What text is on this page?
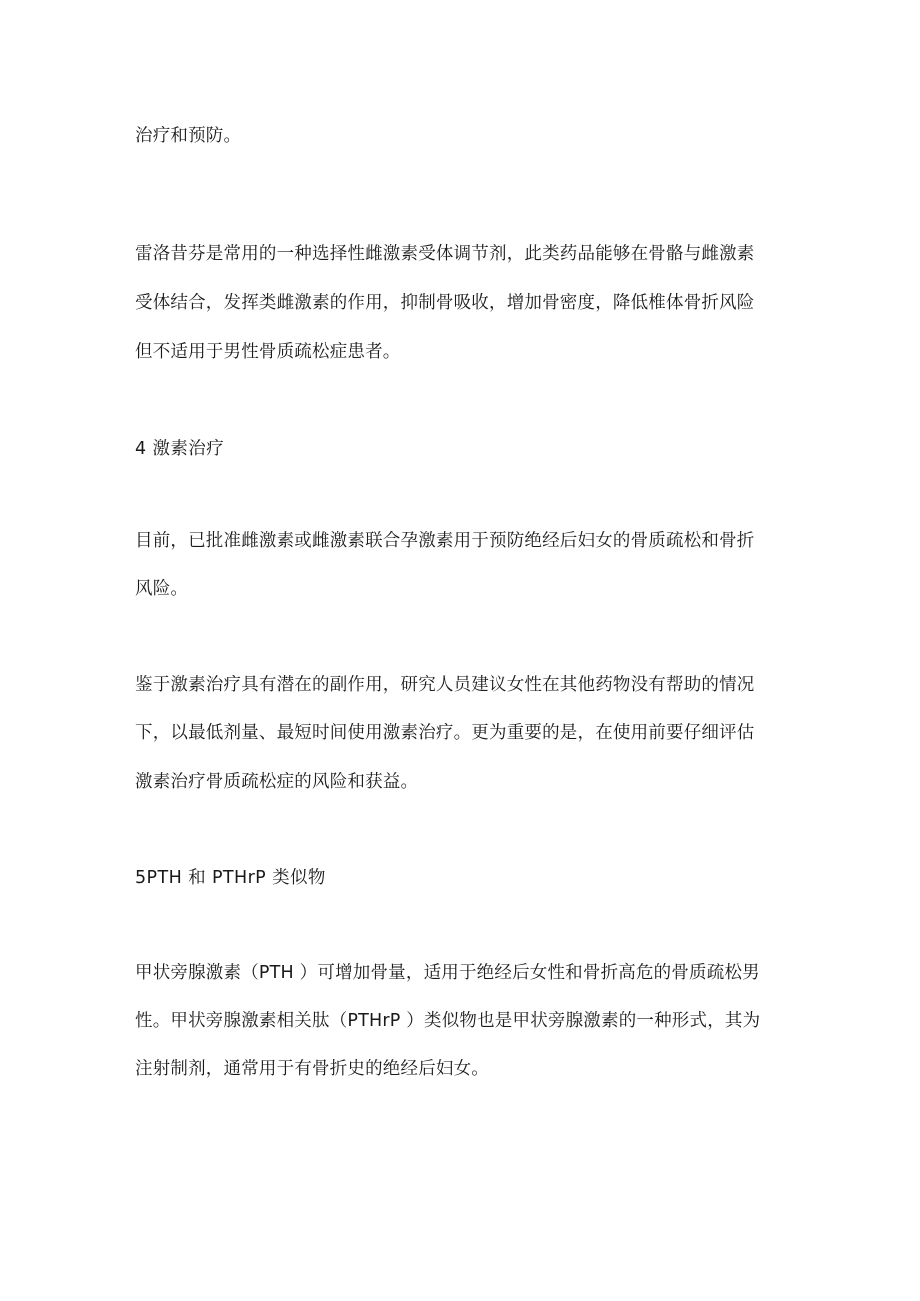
治疗和预防。
雷洛昔芬是常用的一种选择性雌激素受体调节剂，此类药品能够在骨骼与雌激素
受体结合，发挥类雌激素的作用，抑制骨吸收，增加骨密度，降低椎体骨折风险
但不适用于男性骨质疏松症患者。
4 激素治疗
目前，已批准雌激素或雌激素联合孕激素用于预防绝经后妇女的骨质疏松和骨折
风险。
鉴于激素治疗具有潜在的副作用，研究人员建议女性在其他药物没有帮助的情况
下，以最低剂量、最短时间使用激素治疗。更为重要的是，在使用前要仔细评估
激素治疗骨质疏松症的风险和获益。
5PTH 和 PTHrP 类似物
甲状旁腺激素（PTH ）可增加骨量，适用于绝经后女性和骨折高危的骨质疏松男
性。甲状旁腺激素相关肽（PTHrP ）类似物也是甲状旁腺激素的一种形式，其为
注射制剂，通常用于有骨折史的绝经后妇女。
